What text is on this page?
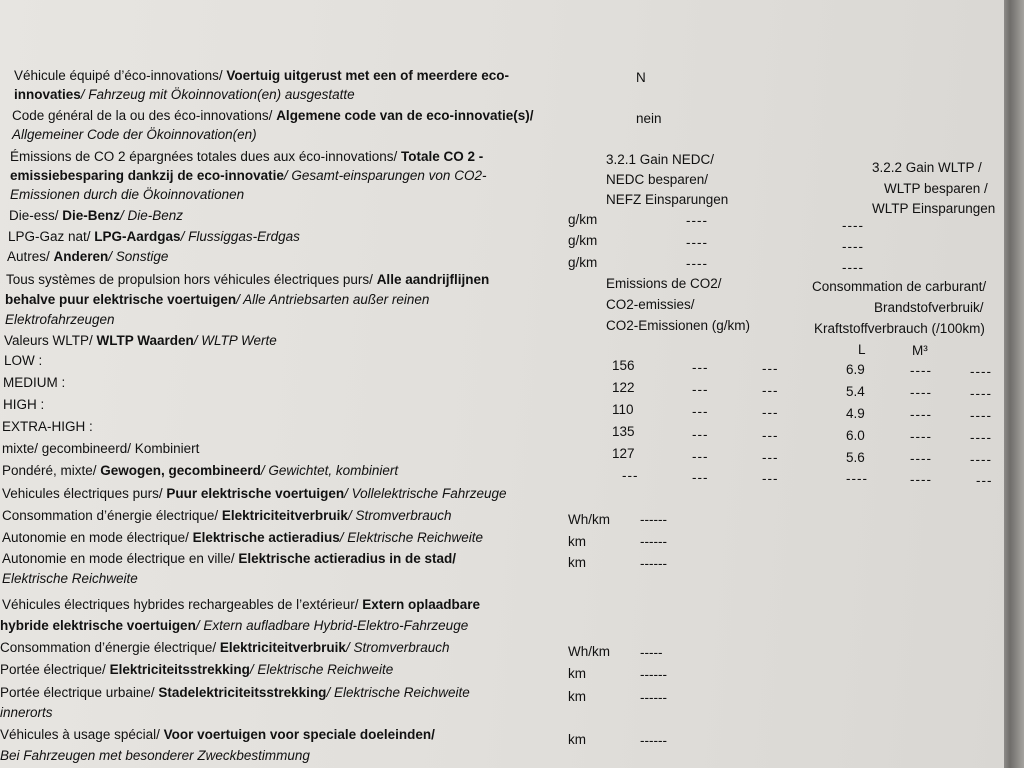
Véhicule équipé d’éco-innovations/ Voertuig uitgerust met een of meerdere eco-
innovaties/ Fahrzeug mit Ökoinnovation(en) ausgestatte
N
Code général de la ou des éco-innovations/ Algemene code van de eco-innovatie(s)/
Allgemeiner Code der Ökoinnovation(en)
nein
Émissions de CO 2 épargnées totales dues aux éco-innovations/ Totale CO 2 -
emissiebesparing dankzij de eco-innovatie/ Gesamt-einsparungen von CO2-
Emissionen durch die Ökoinnovationen
3.2.1 Gain NEDC/
NEDC besparen/
NEFZ Einsparungen
3.2.2 Gain WLTP /
WLTP besparen /
WLTP Einsparungen
Die-ess/ Die-Benz/ Die-Benz	g/km	----	----
LPG-Gaz nat/ LPG-Aardgas/ Flussiggas-Erdgas	g/km	----	----
Autres/ Anderen/ Sonstige	g/km	----	----
Tous systèmes de propulsion hors véhicules électriques purs/ Alle aandrijflijnen
behalve puur elektrische voertuigen/ Alle Antriebsarten außer reinen
Elektrofahrzeugen
Emissions de CO2/
CO2-emissies/
CO2-Emissionen (g/km)
Consommation de carburant/
Brandstofverbruik/
Kraftstoffverbrauch (/100km)
Valeurs WLTP/ WLTP Waarden/ WLTP Werte
L	M³
LOW :	156	---	---	6.9	----	----
MEDIUM :	122	---	---	5.4	----	----
HIGH :	110	---	---	4.9	----	----
EXTRA-HIGH :	135	---	---	6.0	----	----
mixte/ gecombineerd/ Kombiniert	127	---	---	5.6	----	----
Pondéré, mixte/ Gewogen, gecombineerd/ Gewichtet, kombiniert	---	---	---	----	----	---
Vehicules électriques purs/ Puur elektrische voertuigen/ Vollelektrische Fahrzeuge
Consommation d’énergie électrique/ Elektriciteitverbruik/ Stromverbrauch	Wh/km ------
Autonomie en mode électrique/ Elektrische actieradius/ Elektrische Reichweite	km	------
Autonomie en mode électrique en ville/ Elektrische actieradius in de stad/
Elektrische Reichweite
km	------
Véhicules électriques hybrides rechargeables de l’extérieur/ Extern oplaadbare
hybride elektrische voertuigen/ Extern aufladbare Hybrid-Elektro-Fahrzeuge
Consommation d’énergie électrique/ Elektriciteitverbruik/ Stromverbrauch	Wh/km -----
Portée électrique/ Elektriciteitsstrekking/ Elektrische Reichweite	km	------
Portée électrique urbaine/ Stadelektriciteitsstrekking/ Elektrische Reichweite
innerorts
km	------
Véhicules à usage spécial/ Voor voertuigen voor speciale doeleinden/
Bei Fahrzeugen met besonderer Zweckbestimmung
km	------
